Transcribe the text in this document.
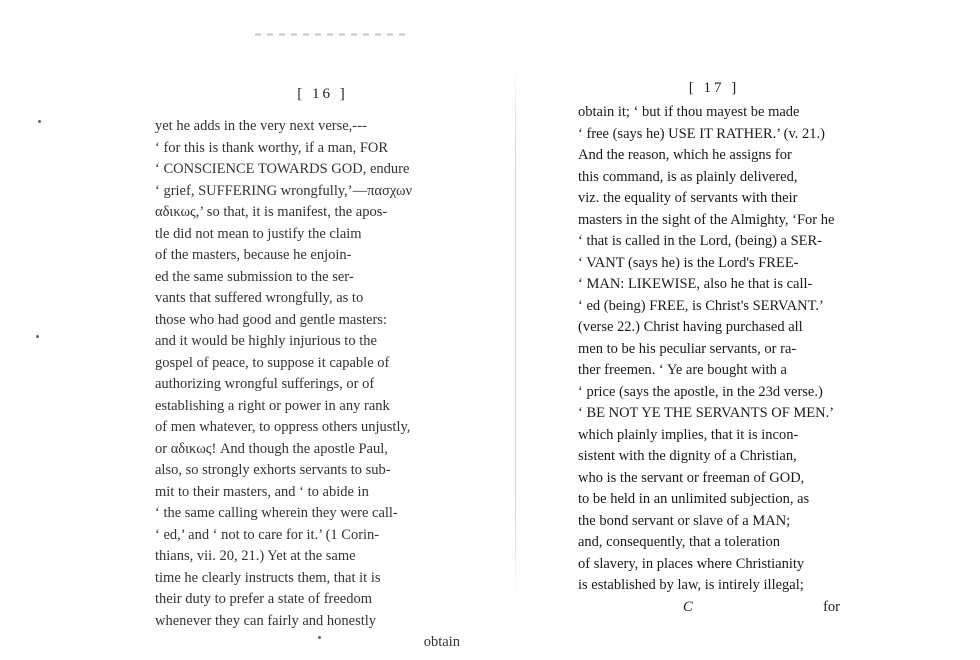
[ 16 ]
yet he adds in the very next verse,---
‘ for this is thank worthy, if a man, FOR
‘ CONSCIENCE TOWARDS GOD, endure
‘ grief, SUFFERING wrongfully,’—πασχων
αδικως,’ so that, it is manifest, the apos-
tle did not mean to justify the claim
of the masters, because he enjoin-
ed the same submission to the ser-
vants that suffered wrongfully, as to
those who had good and gentle masters:
and it would be highly injurious to the
gospel of peace, to suppose it capable of
authorizing wrongful sufferings, or of
establishing a right or power in any rank
of men whatever, to oppress others unjustly,
or αδικως! And though the apostle Paul,
also, so strongly exhorts servants to sub-
mit to their masters, and ‘ to abide in
‘ the same calling wherein they were call-
‘ ed,’ and ‘ not to care for it.’ (1 Corin-
thians, vii. 20, 21.) Yet at the same
time he clearly instructs them, that it is
their duty to prefer a state of freedom
whenever they can fairly and honestly
obtain
[ 17 ]
obtain it; ‘ but if thou mayest be made
‘ free (says he) USE IT RATHER.’ (v. 21.)
And the reason, which he assigns for
this command, is as plainly delivered,
viz. the equality of servants with their
masters in the sight of the Almighty, ‘For he
‘ that is called in the Lord, (being) a SER-
‘ VANT (says he) is the Lord's FREE-
‘ MAN: LIKEWISE, also he that is call-
‘ ed (being) FREE, is Christ's SERVANT.’
(verse 22.) Christ having purchased all
men to be his peculiar servants, or ra-
ther freemen. ‘ Ye are bought with a
‘ price (says the apostle, in the 23d verse.)
‘ BE NOT YE THE SERVANTS OF MEN.’
which plainly implies, that it is incon-
sistent with the dignity of a Christian,
who is the servant or freeman of GOD,
to be held in an unlimited subjection, as
the bond servant or slave of a MAN;
and, consequently, that a toleration
of slavery, in places where Christianity
is established by law, is intirely illegal;
C	for
